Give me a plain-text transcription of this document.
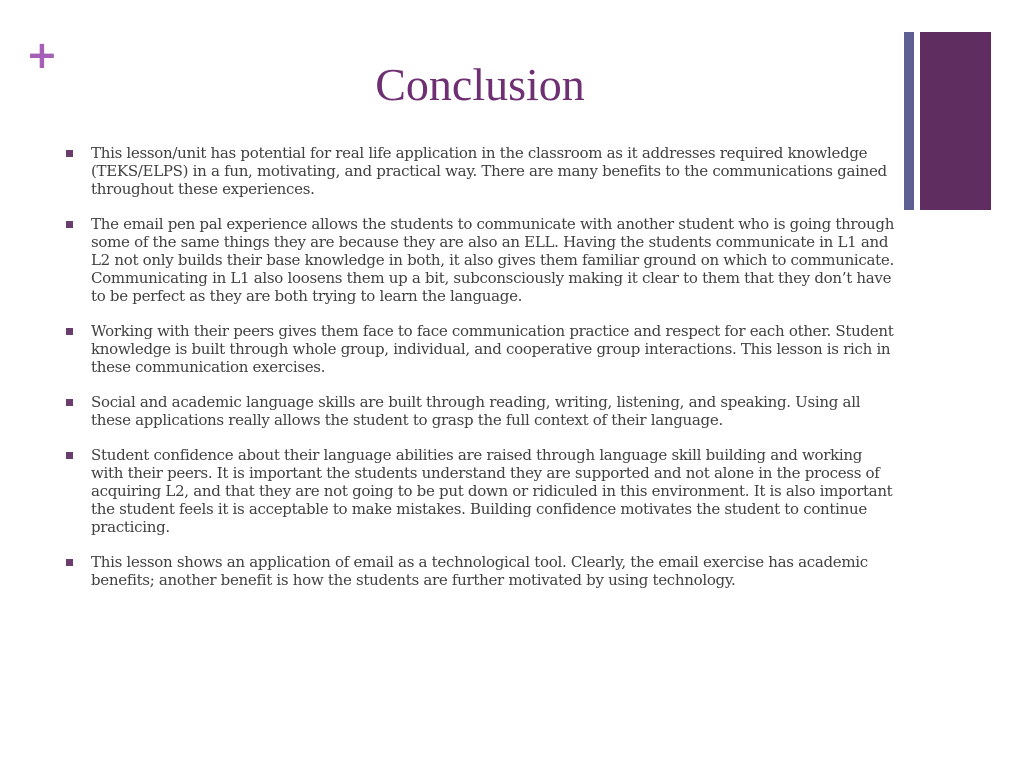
+
Conclusion
This lesson/unit has potential for real life application in the classroom as it addresses required knowledge (TEKS/ELPS) in a fun, motivating, and practical way. There are many benefits to the communications gained throughout these experiences.
The email pen pal experience allows the students to communicate with another student who is going through some of the same things they are because they are also an ELL. Having the students communicate in L1 and L2 not only builds their base knowledge in both, it also gives them familiar ground on which to communicate. Communicating in L1 also loosens them up a bit, subconsciously making it clear to them that they don’t have to be perfect as they are both trying to learn the language.
Working with their peers gives them face to face communication practice and respect for each other. Student knowledge is built through whole group, individual, and cooperative group interactions. This lesson is rich in these communication exercises.
Social and academic language skills are built through reading, writing, listening, and speaking. Using all these applications really allows the student to grasp the full context of their language.
Student confidence about their language abilities are raised through language skill building and working with their peers. It is important the students understand they are supported and not alone in the process of acquiring L2, and that they are not going to be put down or ridiculed in this environment. It is also important the student feels it is acceptable to make mistakes. Building confidence motivates the student to continue practicing.
This lesson shows an application of email as a technological tool. Clearly, the email exercise has academic benefits; another benefit is how the students are further motivated by using technology.
